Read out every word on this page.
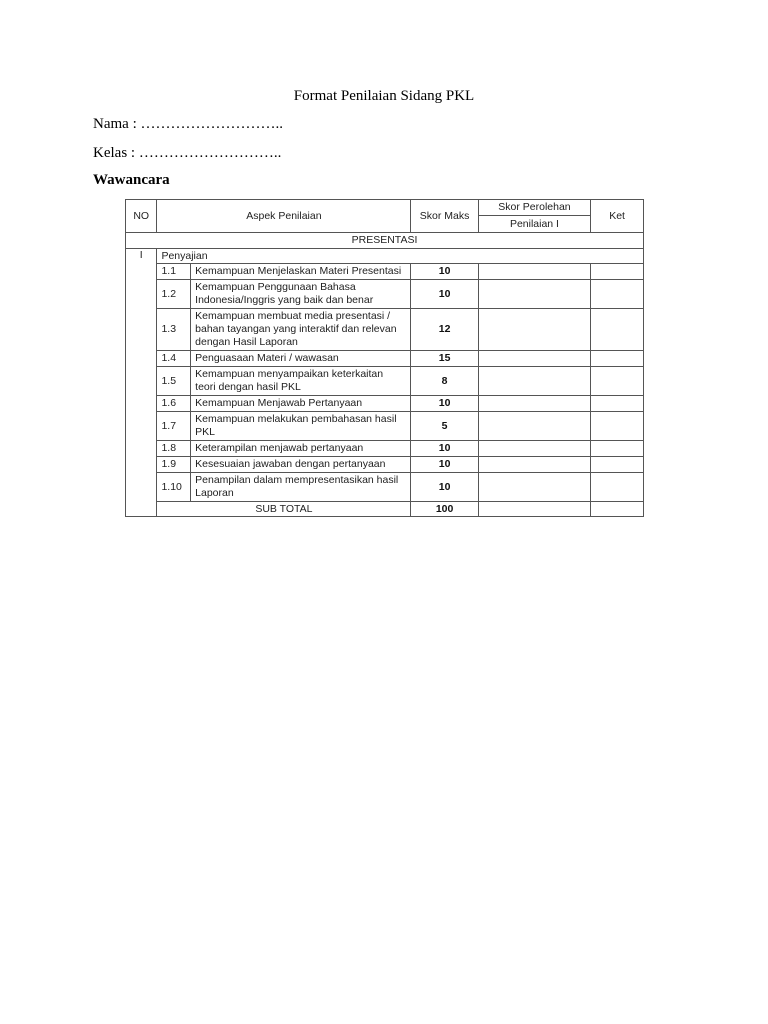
Format Penilaian Sidang PKL
Nama : ………………………..
Kelas : ………………………..
Wawancara
NO	Aspek Penilaian		Skor Maks	Skor Perolehan	Ket
				Penilaian I	
PRESENTASI					
I	Penyajian				
	1.1	Kemampuan Menjelaskan Materi Presentasi	10		
	1.2	Kemampuan Penggunaan Bahasa Indonesia/Inggris yang baik dan benar	10		
	1.3	Kemampuan membuat media presentasi / bahan tayangan yang interaktif dan relevan dengan Hasil Laporan	12		
	1.4	Penguasaan Materi / wawasan	15		
	1.5	Kemampuan menyampaikan keterkaitan teori dengan hasil PKL	8		
	1.6	Kemampuan Menjawab Pertanyaan	10		
	1.7	Kemampuan melakukan pembahasan hasil PKL	5		
	1.8	Keterampilan menjawab pertanyaan	10		
	1.9	Kesesuaian jawaban dengan pertanyaan	10		
	1.10	Penampilan dalam mempresentasikan hasil Laporan	10		
	SUB TOTAL		100		
